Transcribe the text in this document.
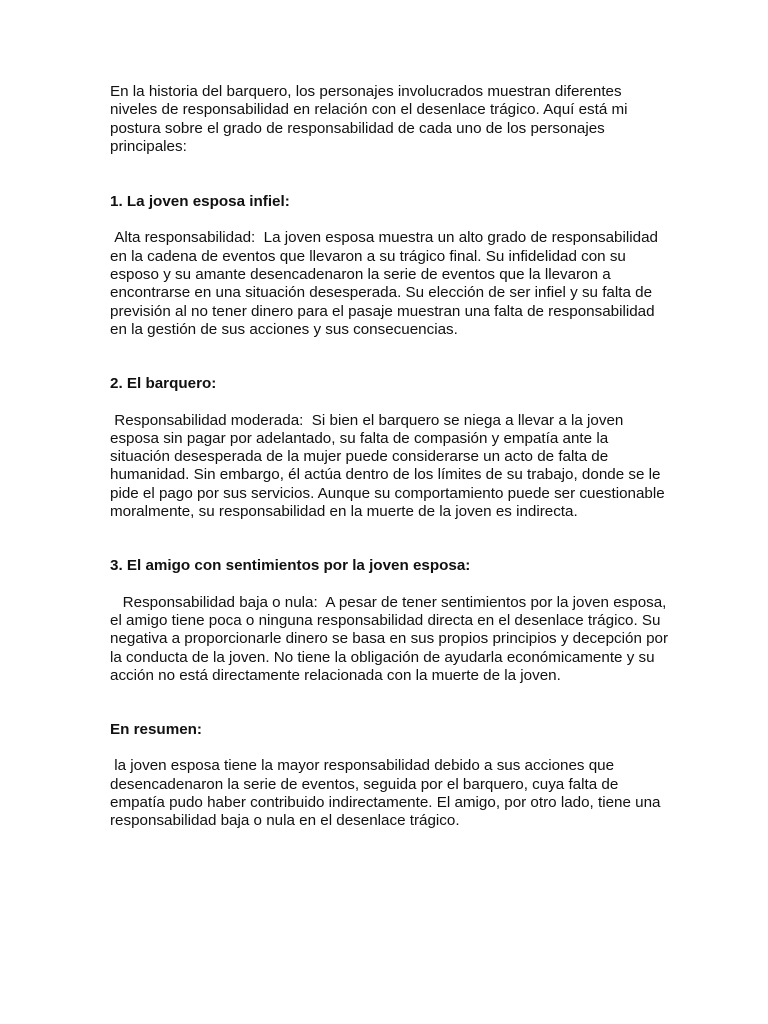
En la historia del barquero, los personajes involucrados muestran diferentes niveles de responsabilidad en relación con el desenlace trágico. Aquí está mi postura sobre el grado de responsabilidad de cada uno de los personajes principales:

1. La joven esposa infiel:

Alta responsabilidad:  La joven esposa muestra un alto grado de responsabilidad en la cadena de eventos que llevaron a su trágico final. Su infidelidad con su esposo y su amante desencadenaron la serie de eventos que la llevaron a encontrarse en una situación desesperada. Su elección de ser infiel y su falta de previsión al no tener dinero para el pasaje muestran una falta de responsabilidad en la gestión de sus acciones y sus consecuencias.

2. El barquero:

Responsabilidad moderada:  Si bien el barquero se niega a llevar a la joven esposa sin pagar por adelantado, su falta de compasión y empatía ante la situación desesperada de la mujer puede considerarse un acto de falta de humanidad. Sin embargo, él actúa dentro de los límites de su trabajo, donde se le pide el pago por sus servicios. Aunque su comportamiento puede ser cuestionable moralmente, su responsabilidad en la muerte de la joven es indirecta.

3. El amigo con sentimientos por la joven esposa:

Responsabilidad baja o nula:  A pesar de tener sentimientos por la joven esposa, el amigo tiene poca o ninguna responsabilidad directa en el desenlace trágico. Su negativa a proporcionarle dinero se basa en sus propios principios y decepción por la conducta de la joven. No tiene la obligación de ayudarla económicamente y su acción no está directamente relacionada con la muerte de la joven.

En resumen:

la joven esposa tiene la mayor responsabilidad debido a sus acciones que desencadenaron la serie de eventos, seguida por el barquero, cuya falta de empatía pudo haber contribuido indirectamente. El amigo, por otro lado, tiene una responsabilidad baja o nula en el desenlace trágico.
